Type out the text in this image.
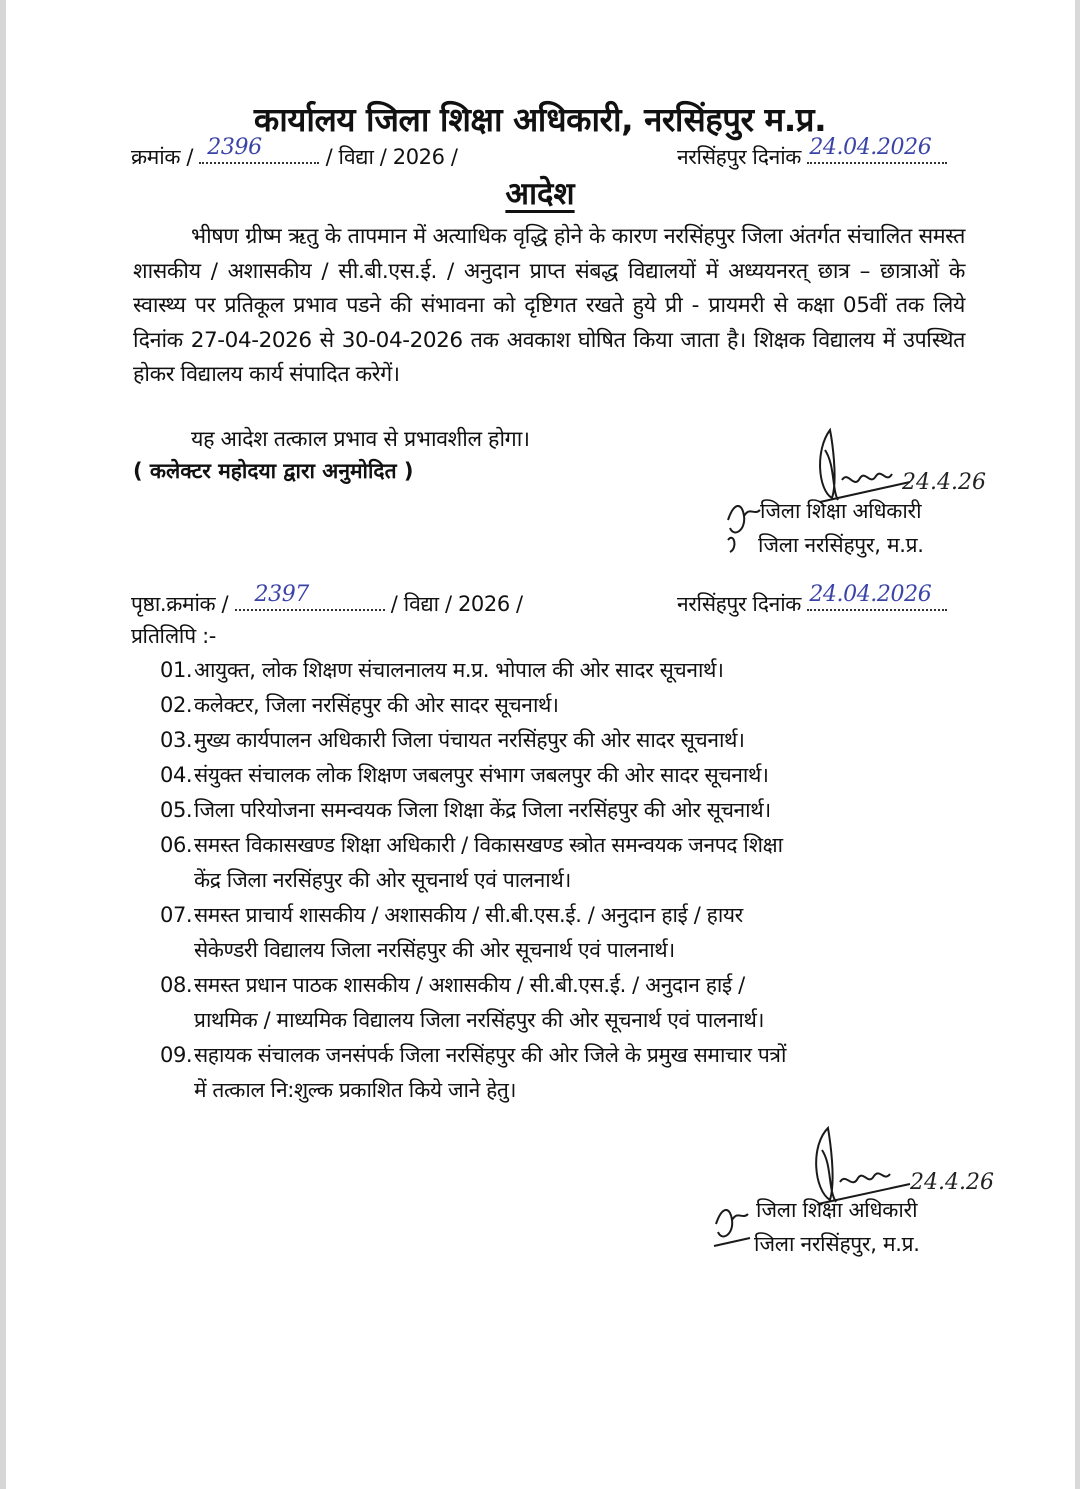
कार्यालय जिला शिक्षा अधिकारी, नरसिंहपुर म.प्र.
क्रमांक / 2396	/ विद्या / 2026 /	नरसिंहपुर दिनांक 24.04.2026
आदेश
भीषण ग्रीष्म ऋतु के तापमान में अत्याधिक वृद्धि होने के कारण नरसिंहपुर जिला अंतर्गत संचालित समस्त शासकीय / अशासकीय / सी.बी.एस.ई. / अनुदान प्राप्त संबद्ध विद्यालयों में अध्ययनरत् छात्र – छात्राओं के स्वास्थ्य पर प्रतिकूल प्रभाव पडने की संभावना को दृष्टिगत रखते हुये प्री - प्रायमरी से कक्षा 05वीं तक लिये दिनांक 27-04-2026 से 30-04-2026 तक अवकाश घोषित किया जाता है। शिक्षक विद्यालय में उपस्थित होकर विद्यालय कार्य संपादित करेगें।
यह आदेश तत्काल प्रभाव से प्रभावशील होगा।
( कलेक्टर महोदया द्वारा अनुमोदित )	24.4.26
जिला शिक्षा अधिकारी
जिला नरसिंहपुर, म.प्र.
पृष्ठा.क्रमांक / 2397	/ विद्या / 2026 /	नरसिंहपुर दिनांक 24.04.2026
प्रतिलिपि :-
01.आयुक्त, लोक शिक्षण संचालनालय म.प्र. भोपाल की ओर सादर सूचनार्थ।
02.कलेक्टर, जिला नरसिंहपुर की ओर सादर सूचनार्थ।
03.मुख्य कार्यपालन अधिकारी जिला पंचायत नरसिंहपुर की ओर सादर सूचनार्थ।
04.संयुक्त संचालक लोक शिक्षण जबलपुर संभाग जबलपुर की ओर सादर सूचनार्थ।
05.जिला परियोजना समन्वयक जिला शिक्षा केंद्र जिला नरसिंहपुर की ओर सूचनार्थ।
06.समस्त विकासखण्ड शिक्षा अधिकारी / विकासखण्ड स्त्रोत समन्वयक जनपद शिक्षा
केंद्र जिला नरसिंहपुर की ओर सूचनार्थ एवं पालनार्थ।
07.समस्त प्राचार्य शासकीय / अशासकीय / सी.बी.एस.ई. / अनुदान हाई / हायर
सेकेण्डरी विद्यालय जिला नरसिंहपुर की ओर सूचनार्थ एवं पालनार्थ।
08.समस्त प्रधान पाठक शासकीय / अशासकीय / सी.बी.एस.ई. / अनुदान हाई /
प्राथमिक / माध्यमिक विद्यालय जिला नरसिंहपुर की ओर सूचनार्थ एवं पालनार्थ।
09.सहायक संचालक जनसंपर्क जिला नरसिंहपुर की ओर जिले के प्रमुख समाचार पत्रों
में तत्काल नि:शुल्क प्रकाशित किये जाने हेतु।
24.4.26
जिला शिक्षा अधिकारी
जिला नरसिंहपुर, म.प्र.
